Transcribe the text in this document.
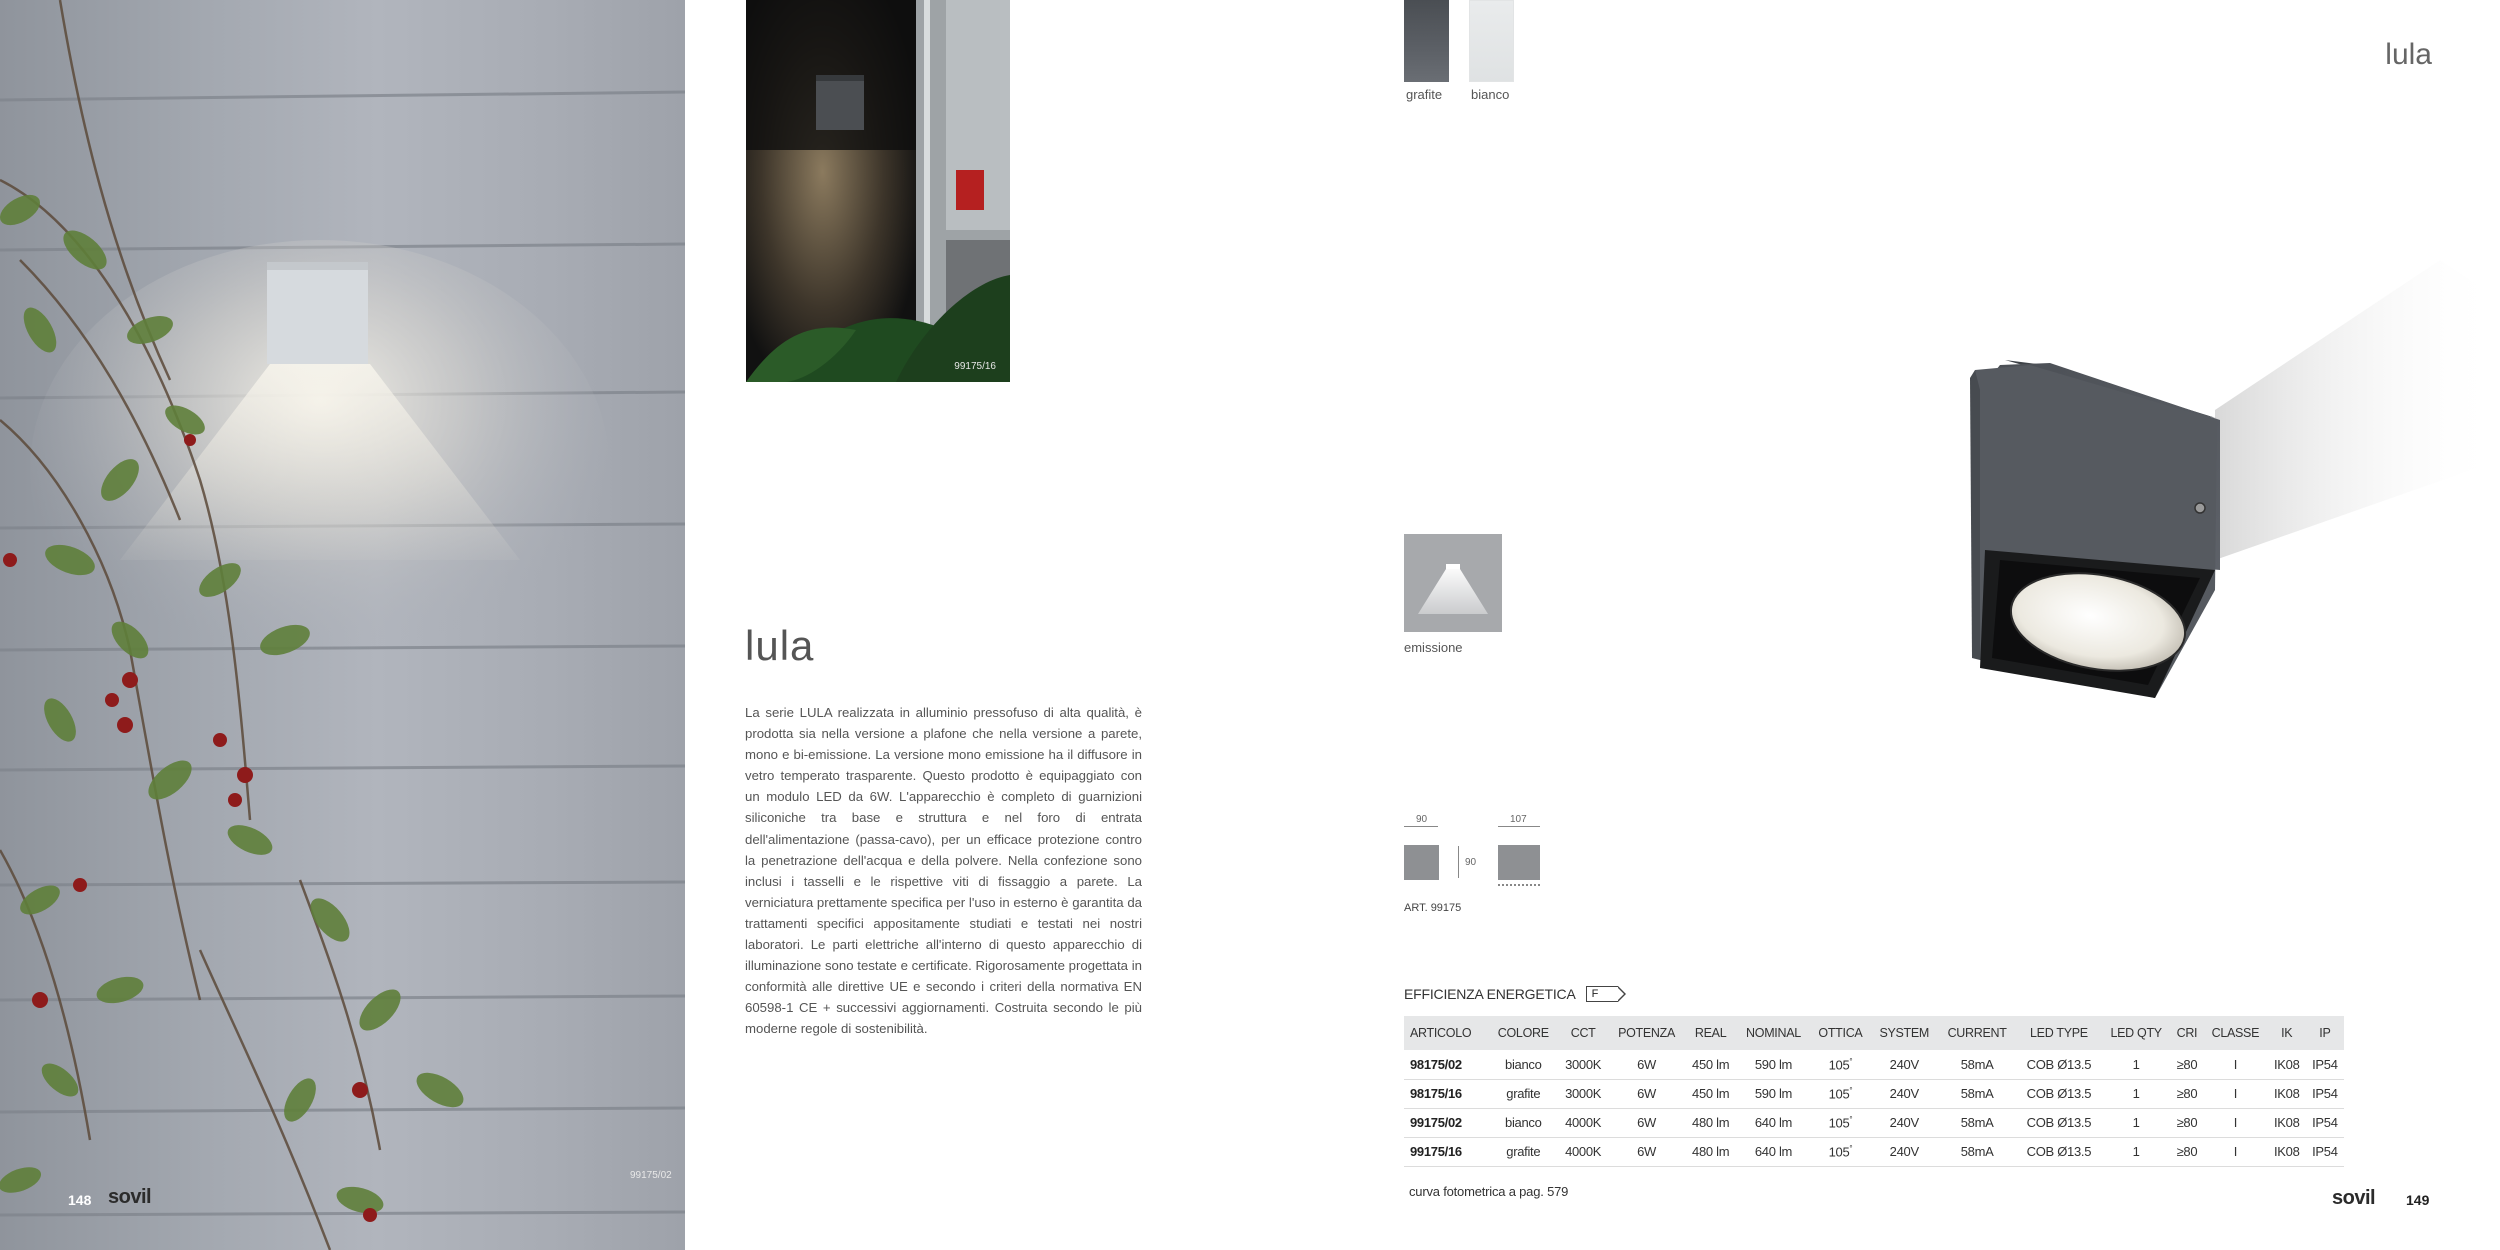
99175/02
148 sovil
99175/16
lula

La serie LULA realizzata in alluminio pressofuso di alta qualità, è prodotta sia nella versione a plafone che nella versione a parete, mono e bi-emissione. La versione mono emissione ha il diffusore in vetro temperato trasparente. Questo prodotto è equipaggiato con un modulo LED da 6W. L'apparecchio è completo di guarnizioni siliconiche tra base e struttura e nel foro di entrata dell'alimentazione (passa-cavo), per un efficace protezione contro la penetrazione dell'acqua e della polvere. Nella confezione sono inclusi i tasselli e le rispettive viti di fissaggio a parete. La verniciatura prettamente specifica per l'uso in esterno è garantita da trattamenti specifici appositamente studiati e testati nei nostri laboratori. Le parti elettriche all'interno di questo apparecchio di illuminazione sono testate e certificate. Rigorosamente progettata in conformità alle direttive UE e secondo i criteri della normativa EN 60598-1 CE + successivi aggiornamenti. Costruita secondo le più moderne regole di sostenibilità.

grafite bianco
lula
emissione
90
90
107
ART. 99175
EFFICIENZA ENERGETICA	F
ARTICOLO	COLORE	CCT	POTENZA	REAL	NOMINAL	OTTICA	SYSTEM	CURRENT	LED TYPE	LED QTY	CRI	CLASSE	IK	IP
98175/02	bianco	3000K	6W	450 lm	590 lm	105°	240V	58mA	COB Ø13.5	1	≥80	I	IK08	IP54
98175/16	grafite	3000K	6W	450 lm	590 lm	105°	240V	58mA	COB Ø13.5	1	≥80	I	IK08	IP54
99175/02	bianco	4000K	6W	480 lm	640 lm	105°	240V	58mA	COB Ø13.5	1	≥80	I	IK08	IP54
99175/16	grafite	4000K	6W	480 lm	640 lm	105°	240V	58mA	COB Ø13.5	1	≥80	I	IK08	IP54
curva fotometrica a pag. 579	sovil 149
